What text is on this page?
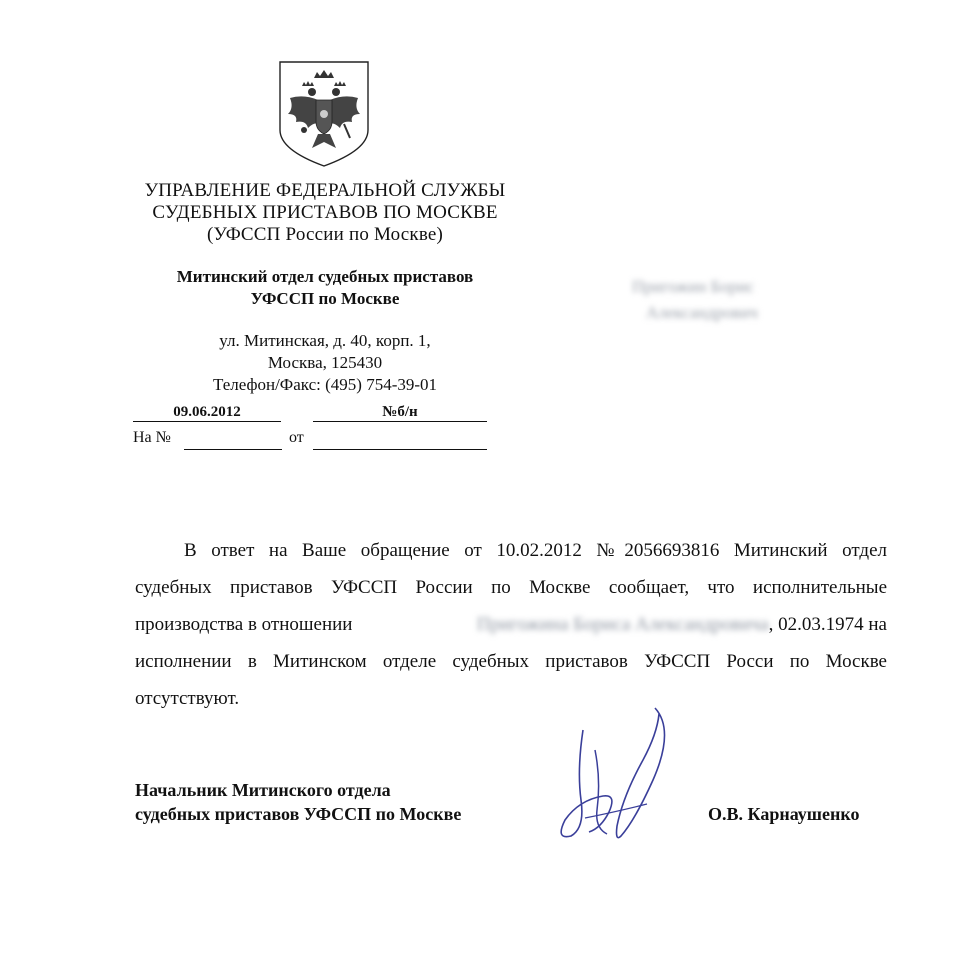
УПРАВЛЕНИЕ ФЕДЕРАЛЬНОЙ СЛУЖБЫ
СУДЕБНЫХ ПРИСТАВОВ ПО МОСКВЕ
(УФССП России по Москве)
Митинский отдел судебных приставов
УФССП по Москве
ул. Митинская, д. 40, корп. 1,
Москва, 125430
Телефон/Факс: (495) 754-39-01
09.06.2012	№б/н
На №	от
Пригожин Борис
Александрович
В ответ на Ваше обращение от 10.02.2012 №2056693816 Митинский отдел
судебных приставов УФССП России по Москве сообщает, что исполнительные
производства в отношении	Пригожина Бориса Александровича, 02.03.1974 на
исполнении в Митинском отделе судебных приставов УФССП Росси по Москве
отсутствуют.
Начальник Митинского отдела
судебных приставов УФССП по Москве	О.В. Карнаушенко
